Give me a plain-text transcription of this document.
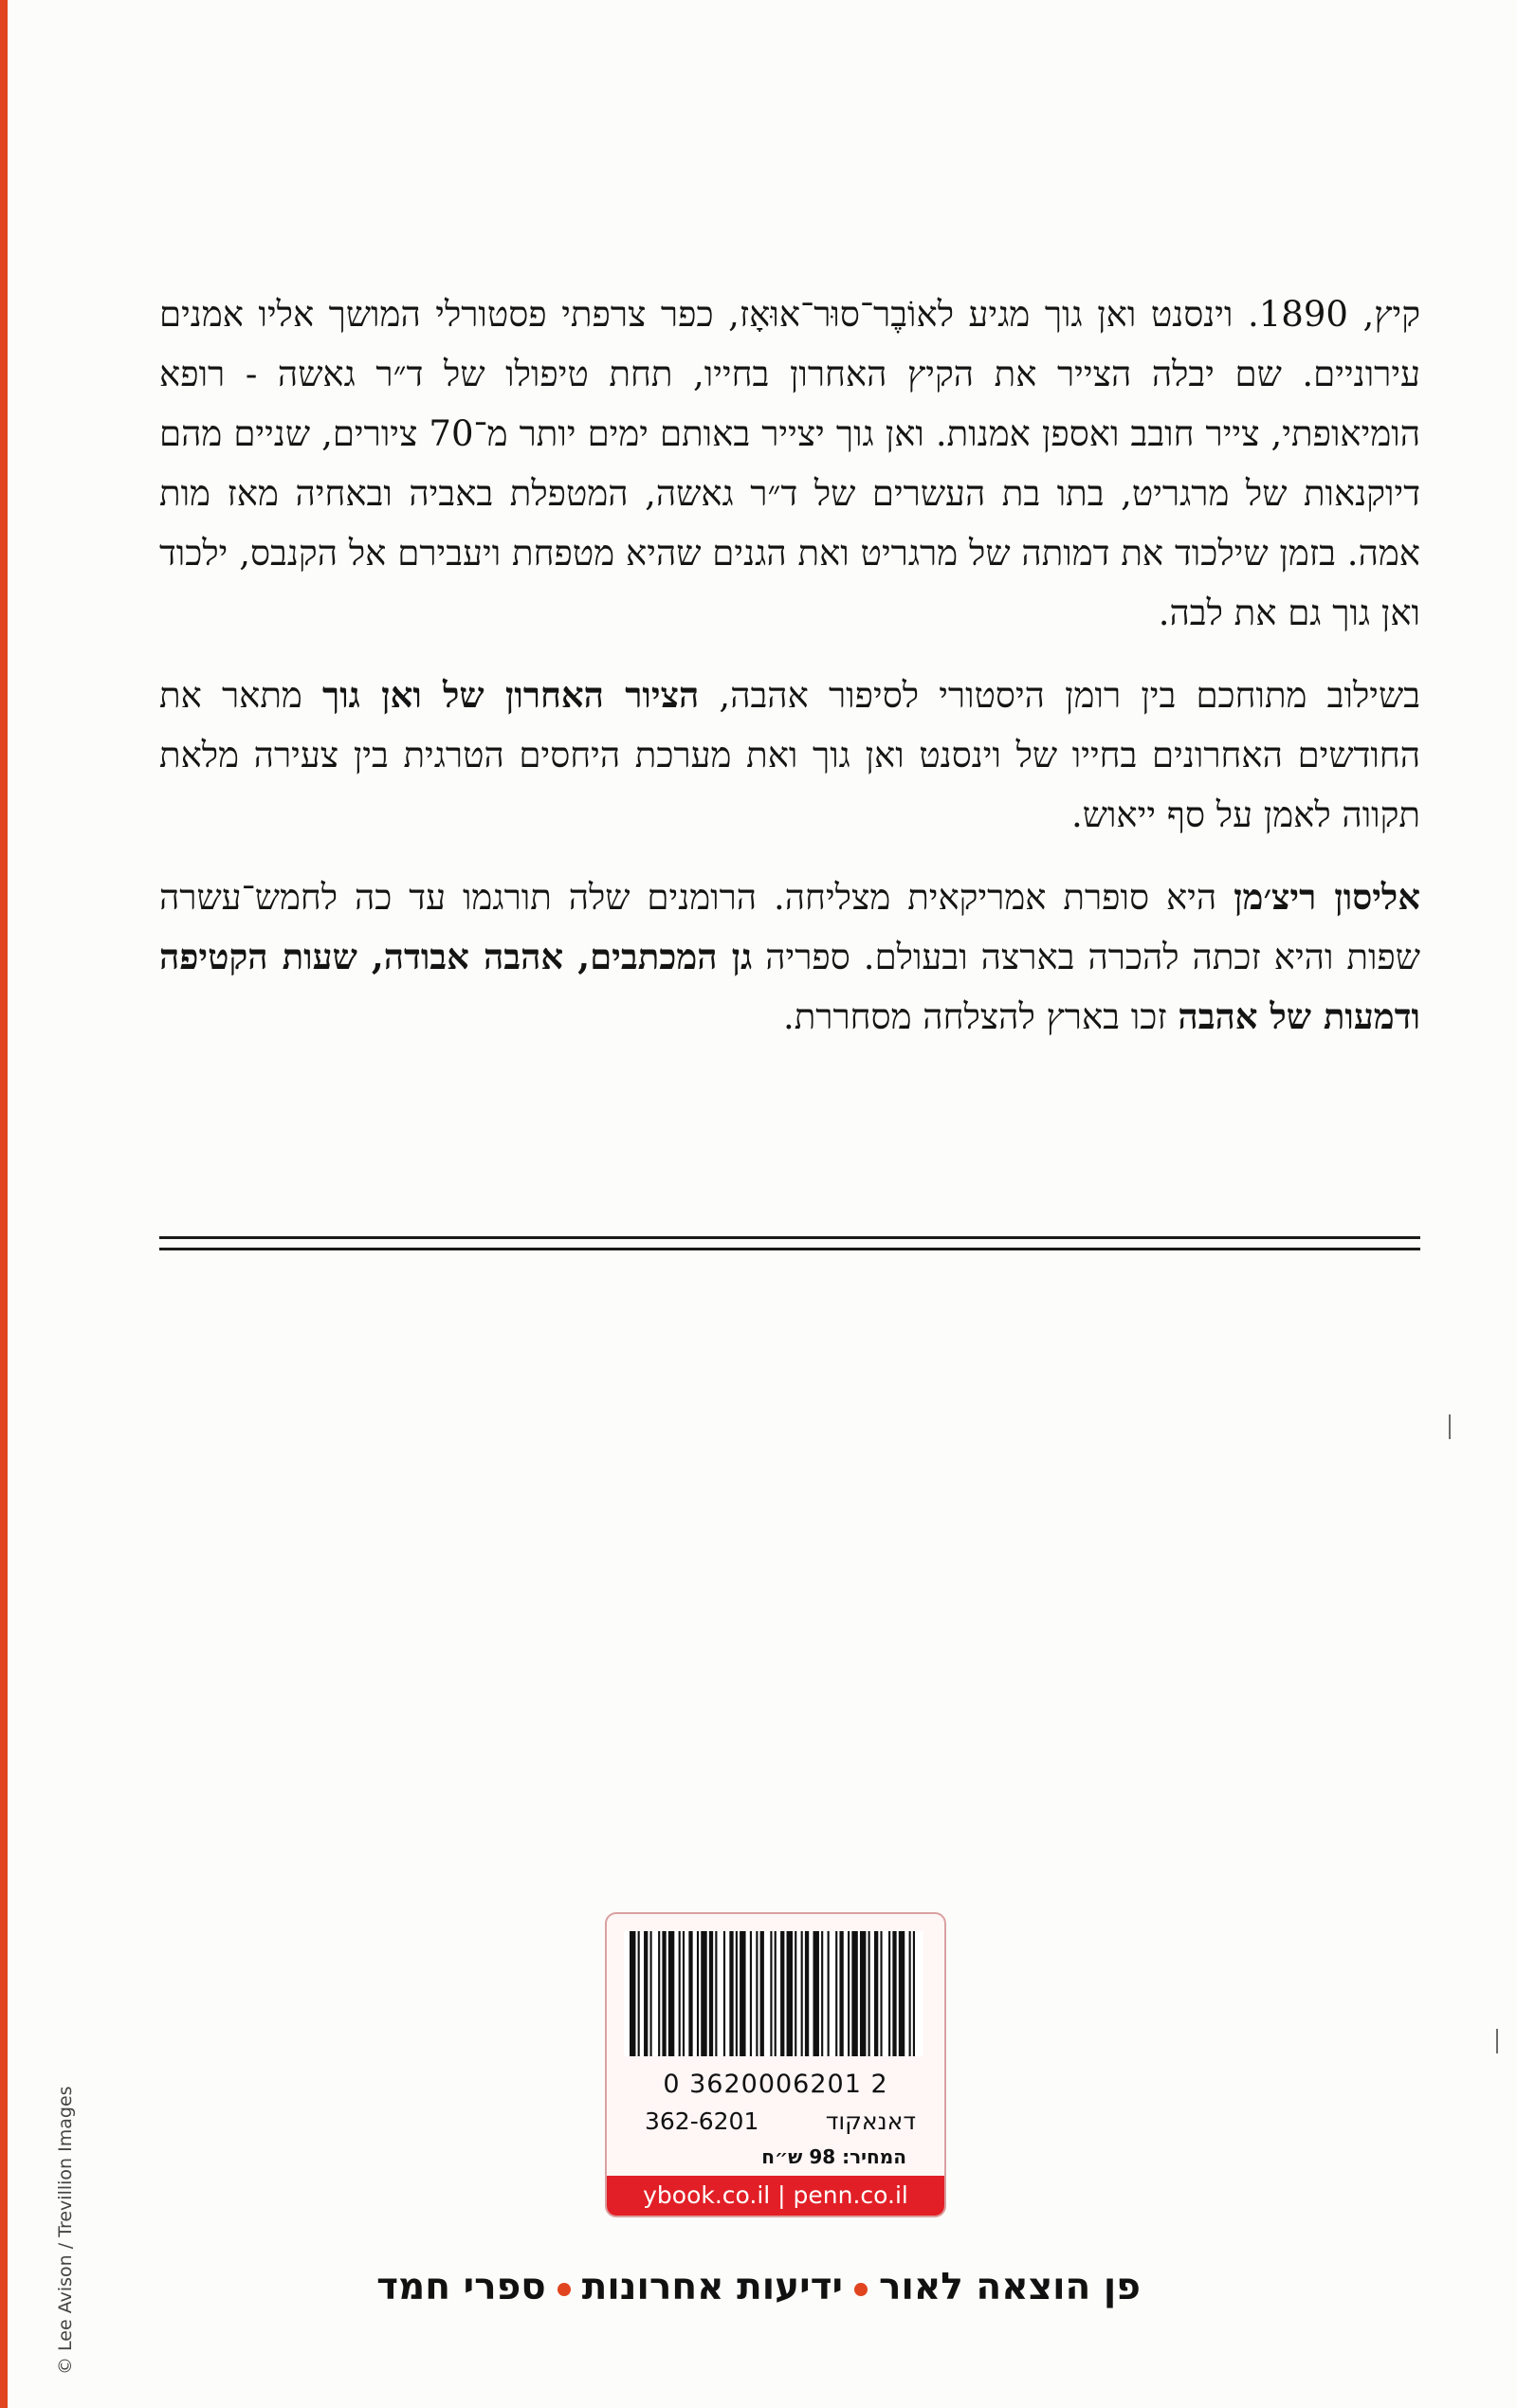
קיץ, 1890. וינסנט ואן גוך מגיע לאוֹבֶר־סוּר־אוּאָז, כפר צרפתי פסטורלי המושך אליו אמנים עירוניים. שם יבלה הצייר את הקיץ האחרון בחייו, תחת טיפולו של ד״ר גאשה - רופא הומיאופתי, צייר חובב ואספן אמנות. ואן גוך יצייר באותם ימים יותר מ־70 ציורים, שניים מהם דיוקנאות של מרגריט, בתו בת העשרים של ד״ר גאשה, המטפלת באביה ובאחיה מאז מות אמה. בזמן שילכוד את דמותה של מרגריט ואת הגנים שהיא מטפחת ויעבירם אל הקנבס, ילכוד ואן גוך גם את לבה.

בשילוב מתוחכם בין רומן היסטורי לסיפור אהבה, הציור האחרון של ואן גוך מתאר את החודשים האחרונים בחייו של וינסנט ואן גוך ואת מערכת היחסים הטרגית בין צעירה מלאת תקווה לאמן על סף ייאוש.

אליסון ריצ׳מן היא סופרת אמריקאית מצליחה. הרומנים שלה תורגמו עד כה לחמש־עשרה שפות והיא זכתה להכרה בארצה ובעולם. ספריה גן המכתבים, אהבה אבודה, שעות הקטיפה ודמעות של אהבה זכו בארץ להצלחה מסחררת.

© Lee Avison / Trevillion Images
0 3620006201 2
דאנאקוד
362-6201
המחיר: 98 ש״ח
ybook.co.il | penn.co.il
פן הוצאה לאורידיעות אחרונותספרי חמד
